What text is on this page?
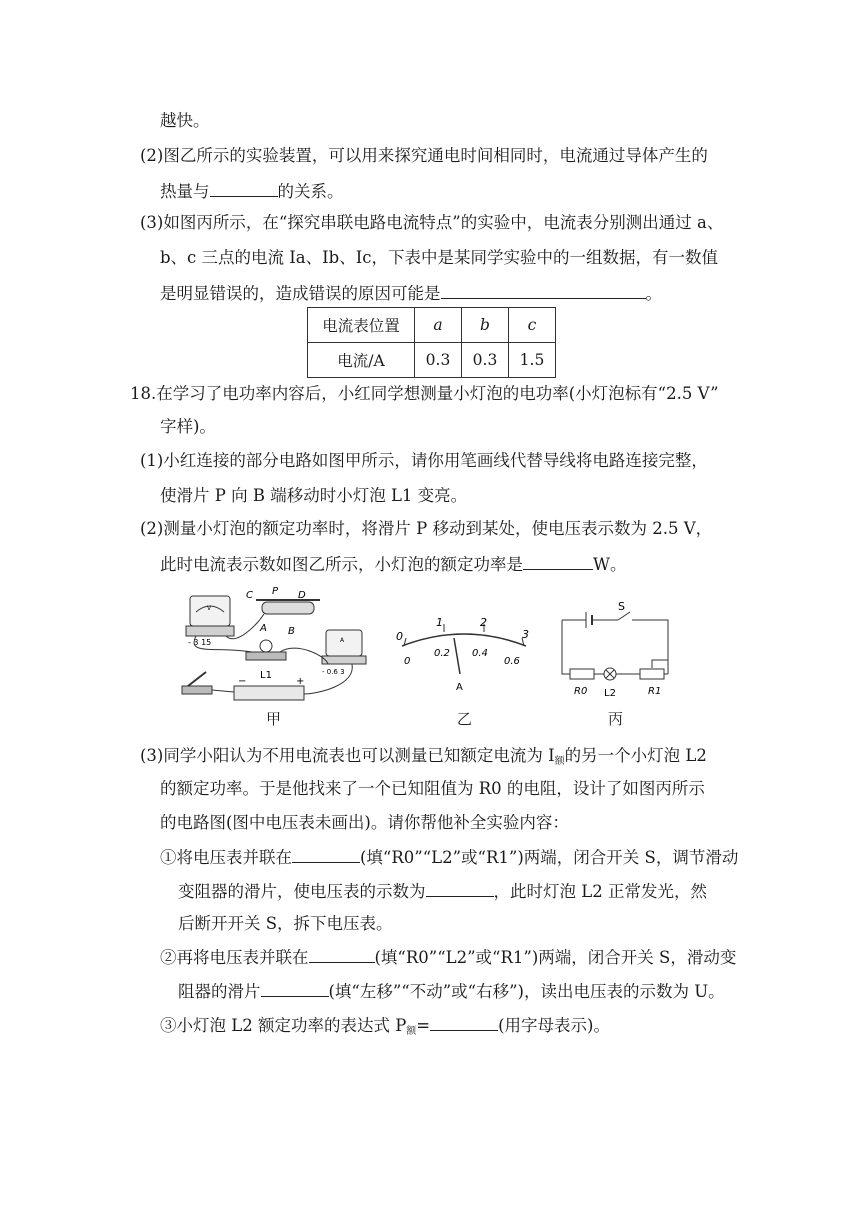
越快。
(2)图乙所示的实验装置，可以用来探究通电时间相同时，电流通过导体产生的
热量与	的关系。
(3)如图丙所示，在“探究串联电路电流特点”的实验中，电流表分别测出通过 a、
b、c 三点的电流 Ia、Ib、Ic，下表中是某同学实验中的一组数据，有一数值
是明显错误的，造成错误的原因可能是	。
电流表位置	a	b	c
电流/A	0.3	0.3	1.5
18.在学习了电功率内容后，小红同学想测量小灯泡的电功率(小灯泡标有“2.5 V”
字样)。
(1)小红连接的部分电路如图甲所示，请你用笔画线代替导线将电路连接完整，
使滑片 P 向 B 端移动时小灯泡 L1 变亮。
(2)测量小灯泡的额定功率时，将滑片 P 移动到某处，使电压表示数为 2.5 V，
此时电流表示数如图乙所示，小灯泡的额定功率是	W。
V
- 3 15
C P D
A B
A
- 0.6 3
L1
−	+
0
1	2
3
0
0.2 0.4
0.6
A
S
R0 L2	R1
甲	乙	丙
(3)同学小阳认为不用电流表也可以测量已知额定电流为 I额的另一个小灯泡 L2
的额定功率。于是他找来了一个已知阻值为 R0 的电阻，设计了如图丙所示
的电路图(图中电压表未画出)。请你帮他补全实验内容：
①将电压表并联在	(填“R0”“L2”或“R1”)两端，闭合开关 S，调节滑动
变阻器的滑片，使电压表的示数为	，此时灯泡 L2 正常发光，然
后断开开关 S，拆下电压表。
②再将电压表并联在	(填“R0”“L2”或“R1”)两端，闭合开关 S，滑动变
阻器的滑片	(填“左移”“不动”或“右移”)，读出电压表的示数为 U。
③小灯泡 L2 额定功率的表达式 P额=	(用字母表示)。
